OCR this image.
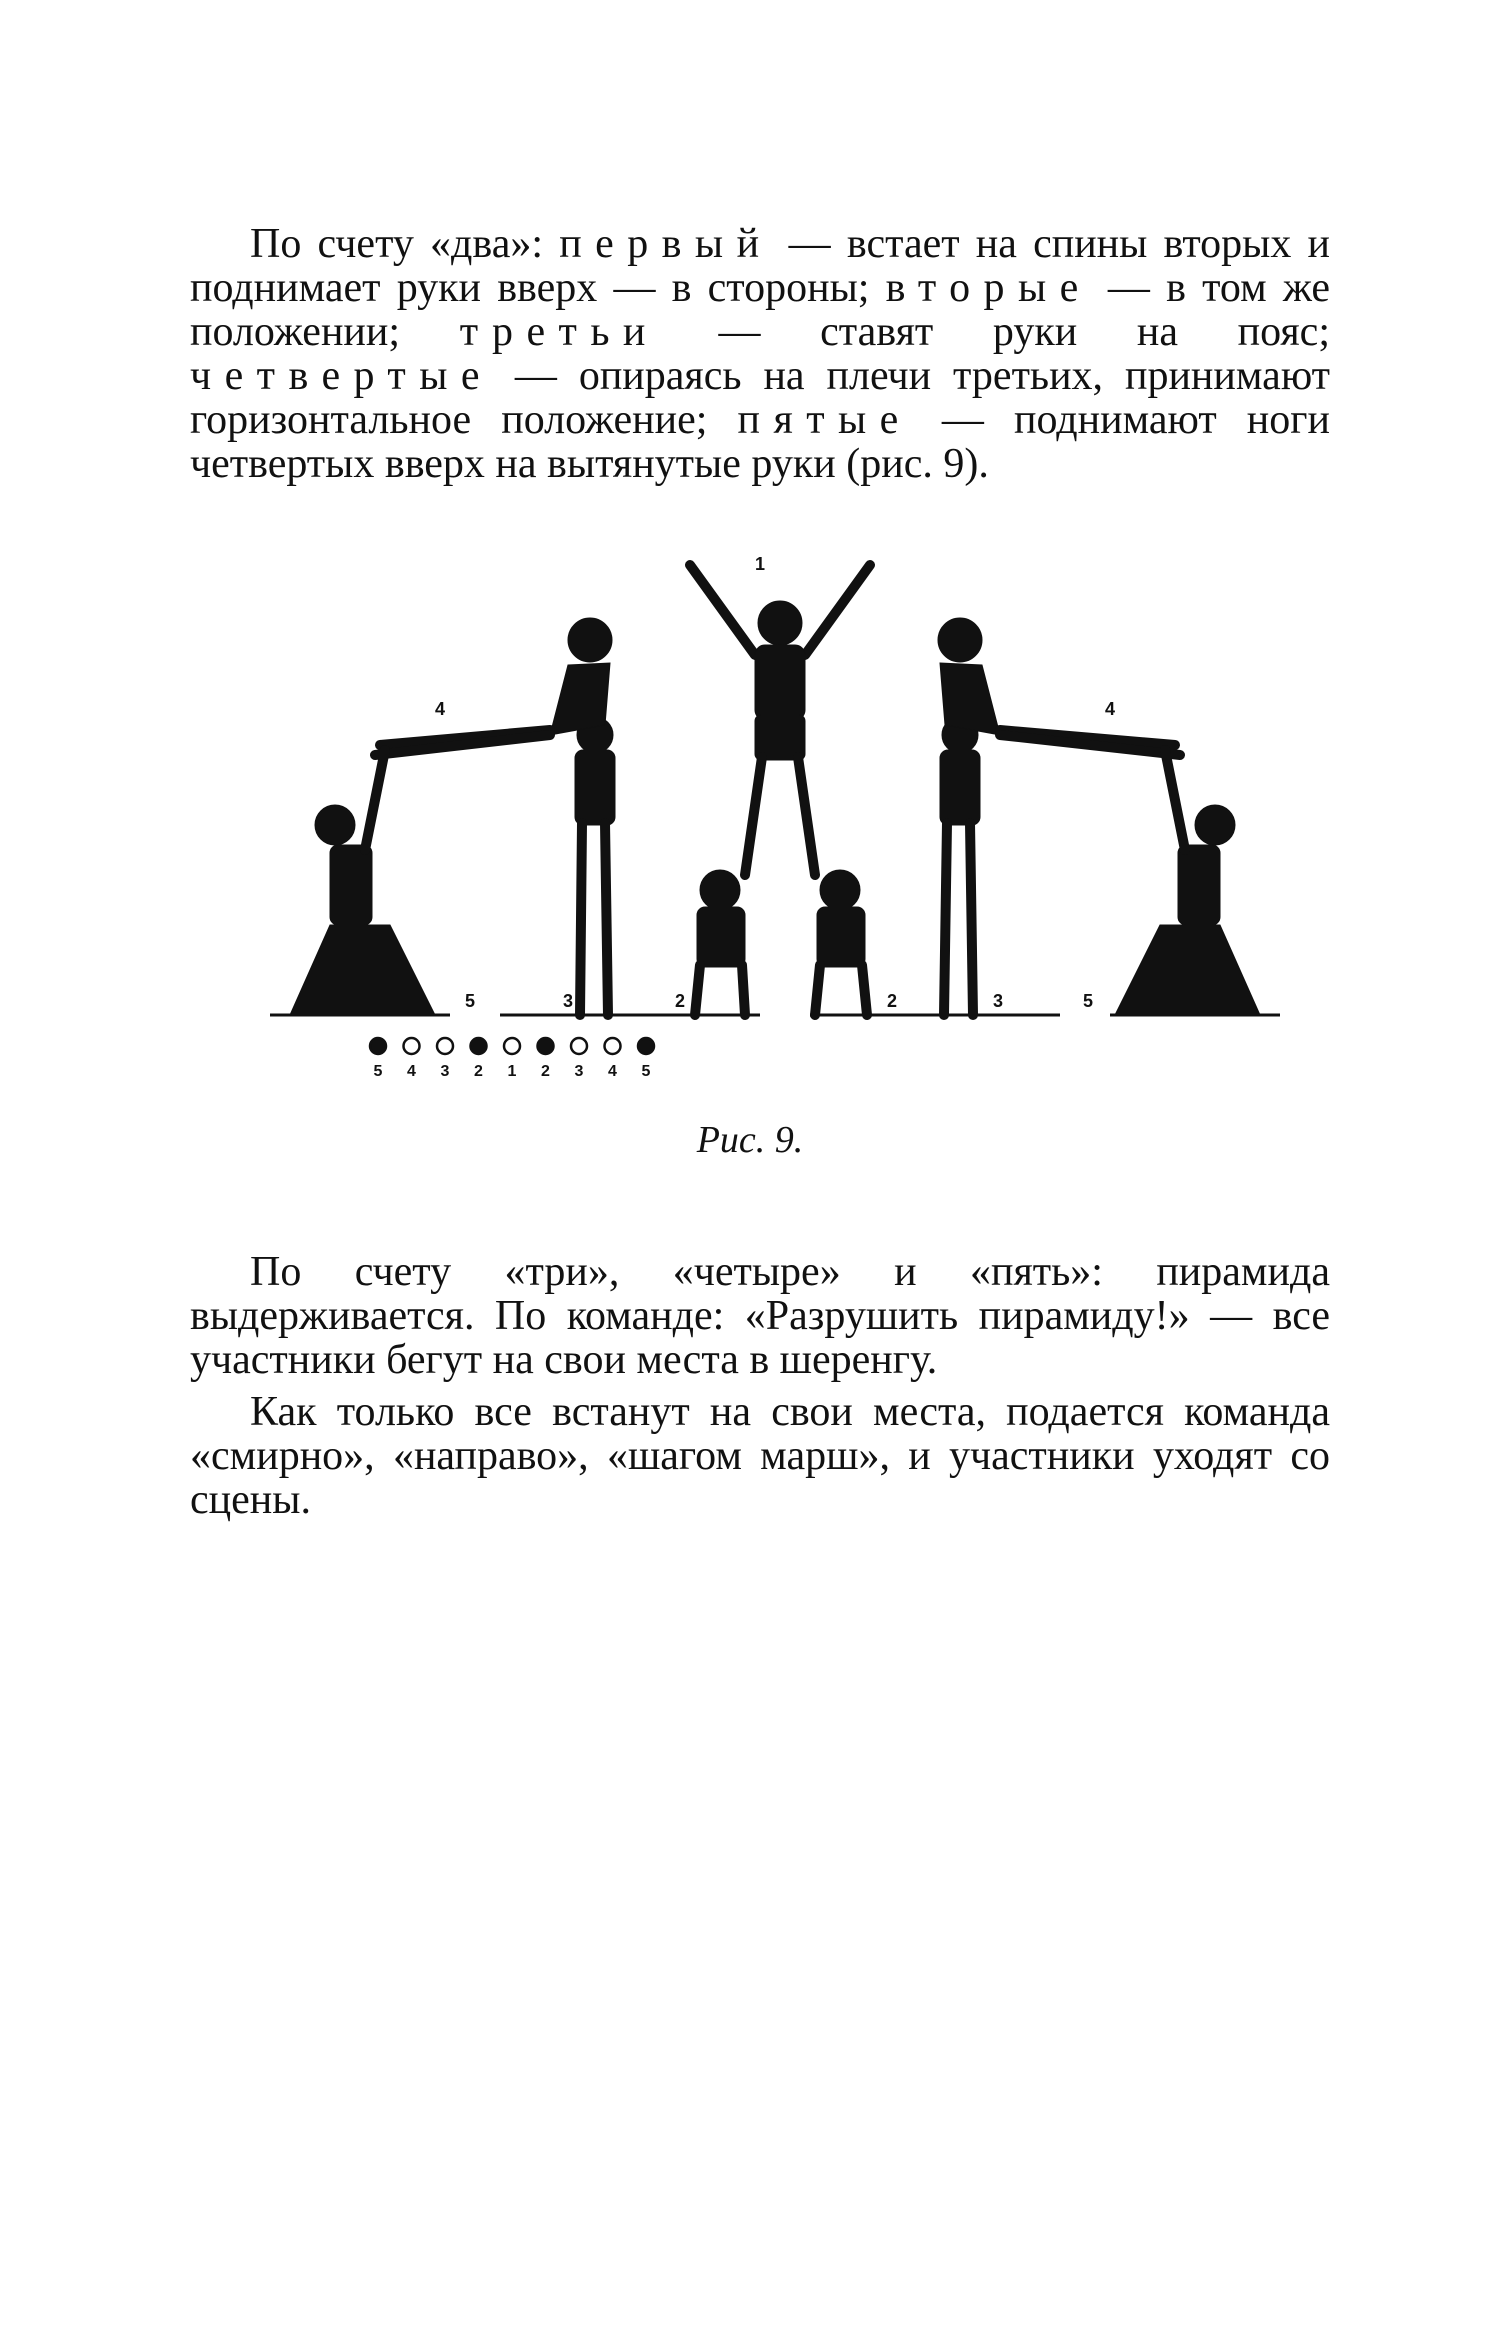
По счету «два»: первый — встает на спины вторых и поднимает руки вверх — в стороны; вторые — в том же положении; третьи — ставят руки на пояс; четвертые — опираясь на плечи третьих, принимают горизонтальное положение; пятые — поднимают ноги четвертых вверх на вытянутые руки (рис. 9).

1
4
5	3	2
4
5
3
2
5 4 3 2 1 2 3 4 5
Рис. 9.

По счету «три», «четыре» и «пять»: пирамида выдерживается. По команде: «Разрушить пирамиду!» — все участники бегут на свои места в шеренгу.

Как только все встанут на свои места, подается команда «смирно», «направо», «шагом марш», и участники уходят со сцены.
